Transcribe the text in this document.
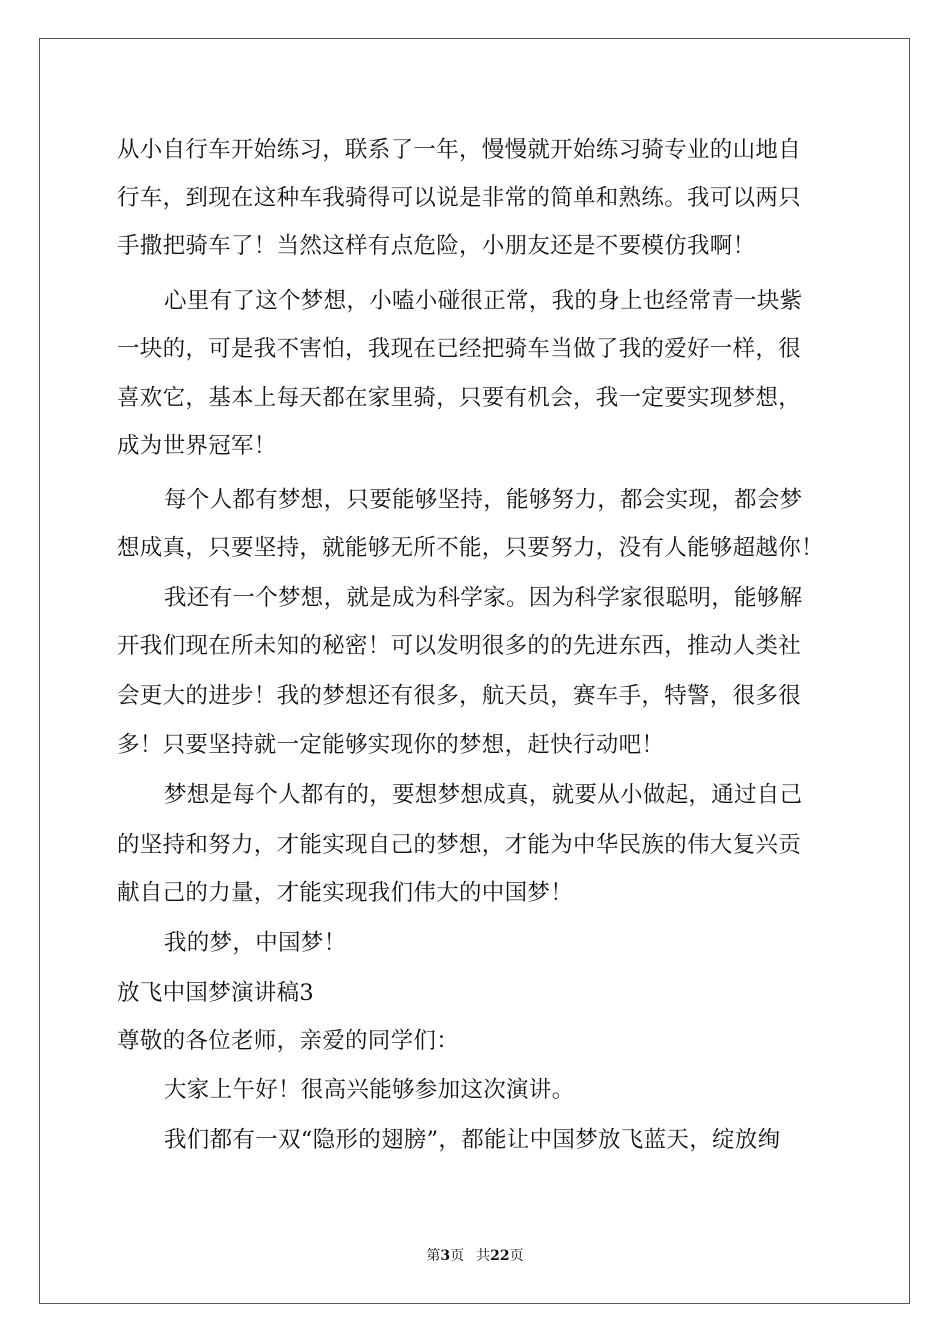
从小自行车开始练习，联系了一年，慢慢就开始练习骑专业的山地自
行车，到现在这种车我骑得可以说是非常的简单和熟练。我可以两只
手撒把骑车了！当然这样有点危险，小朋友还是不要模仿我啊！
心里有了这个梦想，小嗑小碰很正常，我的身上也经常青一块紫
一块的，可是我不害怕，我现在已经把骑车当做了我的爱好一样，很
喜欢它，基本上每天都在家里骑，只要有机会，我一定要实现梦想，
成为世界冠军！
每个人都有梦想，只要能够坚持，能够努力，都会实现，都会梦
想成真，只要坚持，就能够无所不能，只要努力，没有人能够超越你！
我还有一个梦想，就是成为科学家。因为科学家很聪明，能够解
开我们现在所未知的秘密！可以发明很多的的先进东西，推动人类社
会更大的进步！我的梦想还有很多，航天员，赛车手，特警，很多很
多！只要坚持就一定能够实现你的梦想，赶快行动吧！
梦想是每个人都有的，要想梦想成真，就要从小做起，通过自己
的坚持和努力，才能实现自己的梦想，才能为中华民族的伟大复兴贡
献自己的力量，才能实现我们伟大的中国梦！
我的梦，中国梦！
放飞中国梦演讲稿3
尊敬的各位老师，亲爱的同学们：
大家上午好！很高兴能够参加这次演讲。
我们都有一双“隐形的翅膀”，都能让中国梦放飞蓝天，绽放绚
第3页 共22页
